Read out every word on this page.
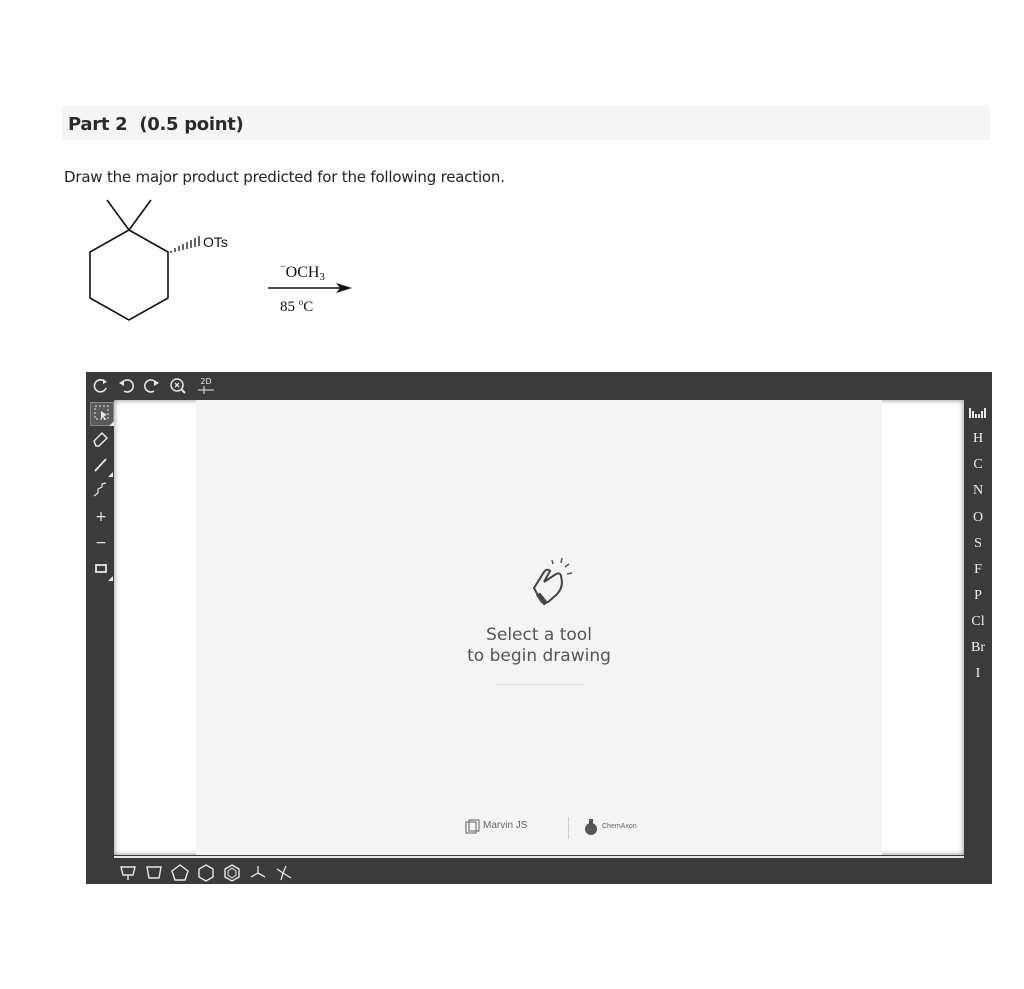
Part 2 (0.5 point)
Draw the major product predicted for the following reaction.
OTs
$^-OCH_3$
85 $^o$C
2D
+
−
Select a tool
to begin drawing
Marvin JS	ChemAxon
H
C
N
O
S
F
P
Cl
Br
I
